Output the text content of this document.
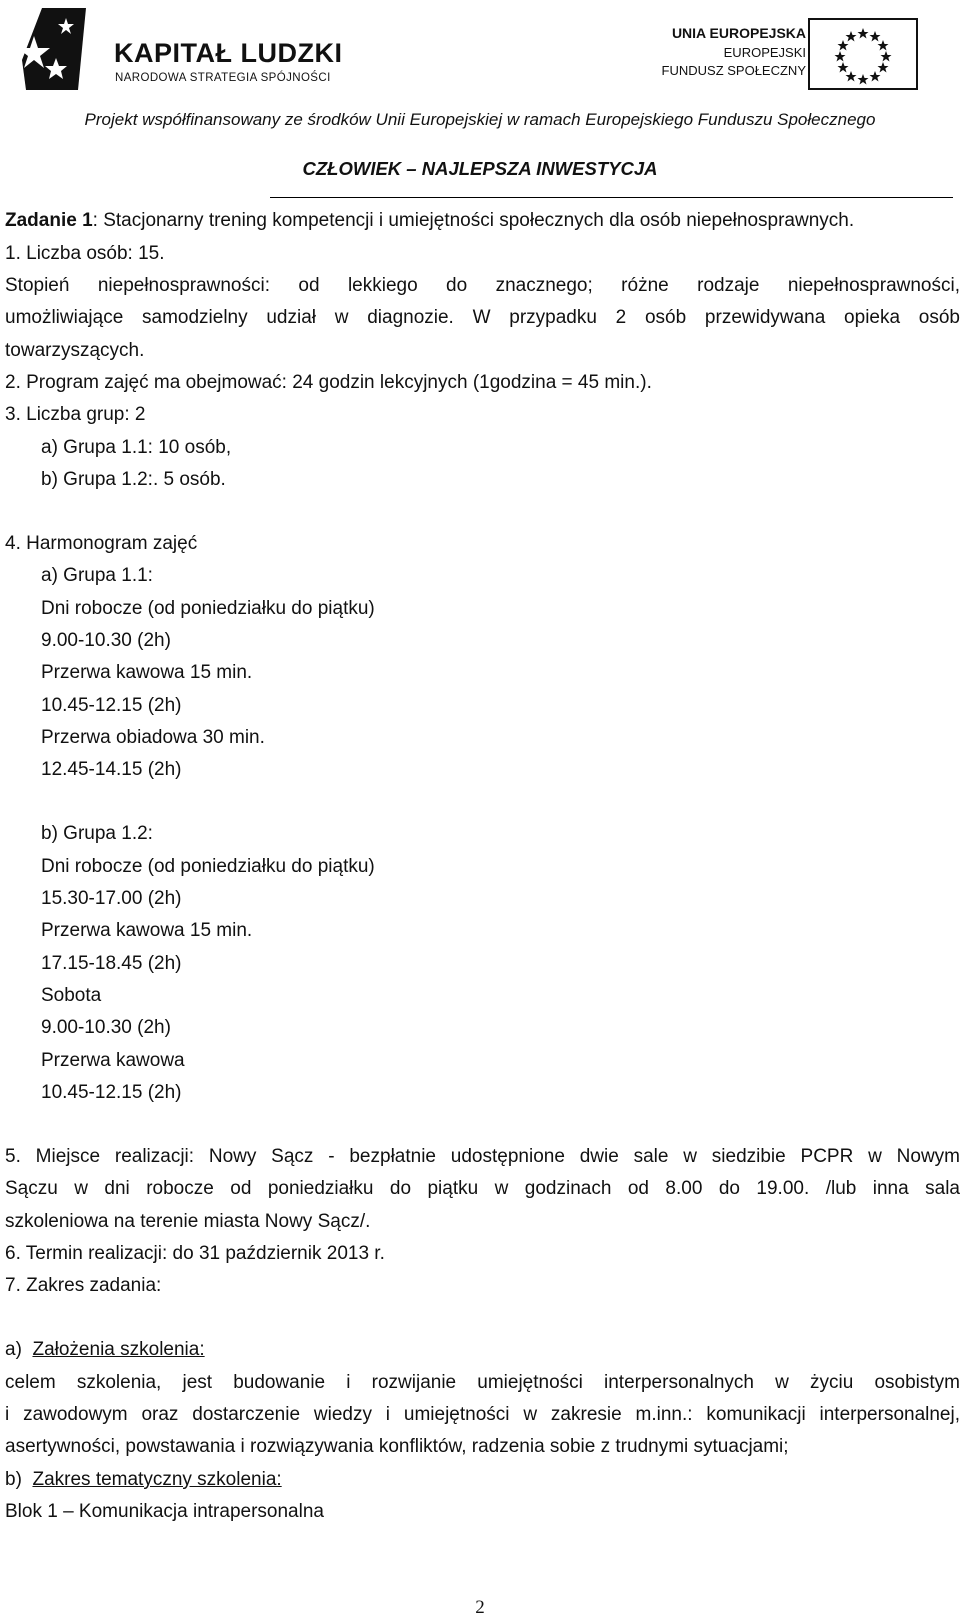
KAPITAŁ LUDZKI
NARODOWA STRATEGIA SPÓJNOŚCI
UNIA EUROPEJSKA
EUROPEJSKI
FUNDUSZ SPOŁECZNY
Projekt współfinansowany ze środków Unii Europejskiej w ramach Europejskiego Funduszu Społecznego
CZŁOWIEK – NAJLEPSZA INWESTYCJA
Zadanie 1: Stacjonarny trening kompetencji i umiejętności społecznych dla osób niepełnosprawnych.
1. Liczba osób: 15.
Stopień niepełnosprawności: od lekkiego do znacznego; różne rodzaje niepełnosprawności,
umożliwiające samodzielny udział w diagnozie. W przypadku 2 osób przewidywana opieka osób
towarzyszących.
2. Program zajęć ma obejmować: 24 godzin lekcyjnych (1godzina = 45 min.).
3. Liczba grup: 2
a) Grupa 1.1: 10 osób,
b) Grupa 1.2:. 5 osób.
4. Harmonogram zajęć
a) Grupa 1.1:
Dni robocze (od poniedziałku do piątku)
9.00-10.30 (2h)
Przerwa kawowa 15 min.
10.45-12.15 (2h)
Przerwa obiadowa 30 min.
12.45-14.15 (2h)
b) Grupa 1.2:
Dni robocze (od poniedziałku do piątku)
15.30-17.00 (2h)
Przerwa kawowa 15 min.
17.15-18.45 (2h)
Sobota
9.00-10.30 (2h)
Przerwa kawowa
10.45-12.15 (2h)
5. Miejsce realizacji: Nowy Sącz - bezpłatnie udostępnione dwie sale w siedzibie PCPR w Nowym
Sączu w dni robocze od poniedziałku do piątku w godzinach od 8.00 do 19.00. /lub inna sala
szkoleniowa na terenie miasta Nowy Sącz/.
6. Termin realizacji: do 31 październik 2013 r.
7. Zakres zadania:
a) Założenia szkolenia:
celem szkolenia, jest budowanie i rozwijanie umiejętności interpersonalnych w życiu osobistym
i zawodowym oraz dostarczenie wiedzy i umiejętności w zakresie m.inn.: komunikacji interpersonalnej,
asertywności, powstawania i rozwiązywania konfliktów, radzenia sobie z trudnymi sytuacjami;
b) Zakres tematyczny szkolenia:
Blok 1 – Komunikacja intrapersonalna
2
